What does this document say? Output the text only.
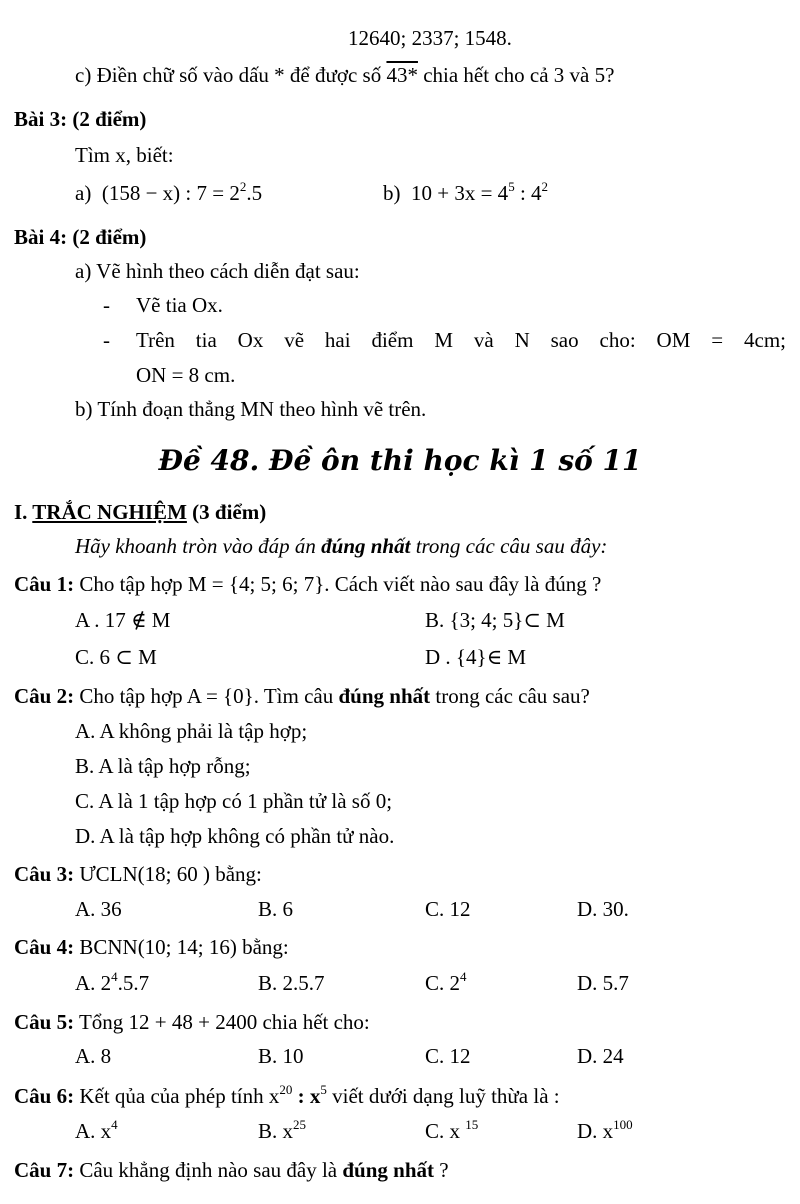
12640; 2337; 1548.
c) Điền chữ số vào dấu * để được số 43* chia hết cho cả 3 và 5?
Bài 3: (2 điểm)
Tìm x, biết:
a) (158 − x) : $7 = 2^2.5$	b) $10 + 3x = 4^5$ : $4^2$
Bài 4: (2 điểm)
a) Vẽ hình theo cách diễn đạt sau:
- Vẽ tia Ox.
- Trên tia Ox vẽ hai điểm M và N sao cho: OM = 4cm;
ON = 8 cm.
b) Tính đoạn thẳng MN theo hình vẽ trên.
Đề 48. Đề ôn thi học kì 1 số 11
I. TRẮC NGHIỆM (3 điểm)
Hãy khoanh tròn vào đáp án đúng nhất trong các câu sau đây:
Câu 1: Cho tập hợp M = {4; 5; 6; 7}. Cách viết nào sau đây là đúng ?
A . 17 ∉ M	B. {3; 4; 5}⊂ M
C. 6 ⊂ M	D . {4}∈ M
Câu 2: Cho tập hợp A = {0}. Tìm câu đúng nhất trong các câu sau?
A. A không phải là tập hợp;
B. A là tập hợp rỗng;
C. A là 1 tập hợp có 1 phần tử là số 0;
D. A là tập hợp không có phần tử nào.
Câu 3: ƯCLN(18; 60 ) bằng:
A. 36	B. 6	C. 12	D. 30.
Câu 4: BCNN(10; 14; 16) bằng:
A. $2^4.5.7$	B. 2.5.7	C. $2^4$	D. 5.7
Câu 5: Tổng 12 + 48 + 2400 chia hết cho:
A. 8	B. 10	C. 12	D. 24
Câu 6: Kết qủa của phép tính $x^{20}$ : $x^5$ viết dưới dạng luỹ thừa là :
A. $x^4$	B. $x^{25}$	C. x $^{15}$	D. $x^{100}$
Câu 7: Câu khẳng định nào sau đây là đúng nhất ?
